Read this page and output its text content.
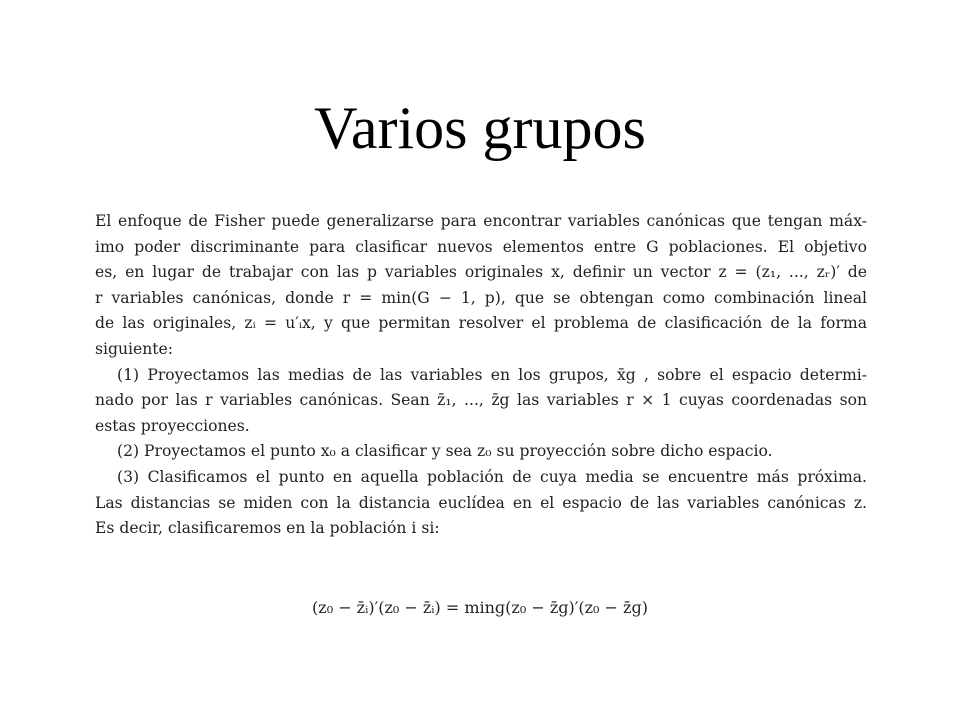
Varios grupos
El enfoque de Fisher puede generalizarse para encontrar variables canónicas que tengan máx-
imo poder discriminante para clasificar nuevos elementos entre G poblaciones. El objetivo
es, en lugar de trabajar con las p variables originales x, definir un vector z = (z₁, ..., zᵣ)′ de
r variables canónicas, donde r = min(G − 1, p), que se obtengan como combinación lineal
de las originales, zᵢ = u′ᵢx, y que permitan resolver el problema de clasificación de la forma
siguiente:
(1) Proyectamos las medias de las variables en los grupos, x̄g , sobre el espacio determi-
nado por las r variables canónicas. Sean z̄₁, ..., z̄g las variables r × 1 cuyas coordenadas son
estas proyecciones.
(2) Proyectamos el punto x₀ a clasificar y sea z₀ su proyección sobre dicho espacio.
(3) Clasificamos el punto en aquella población de cuya media se encuentre más próxima.
Las distancias se miden con la distancia euclídea en el espacio de las variables canónicas z.
Es decir, clasificaremos en la población i si:
(z₀ − z̄ᵢ)′(z₀ − z̄ᵢ) = minɡ(z₀ − z̄ɡ)′(z₀ − z̄ɡ)
